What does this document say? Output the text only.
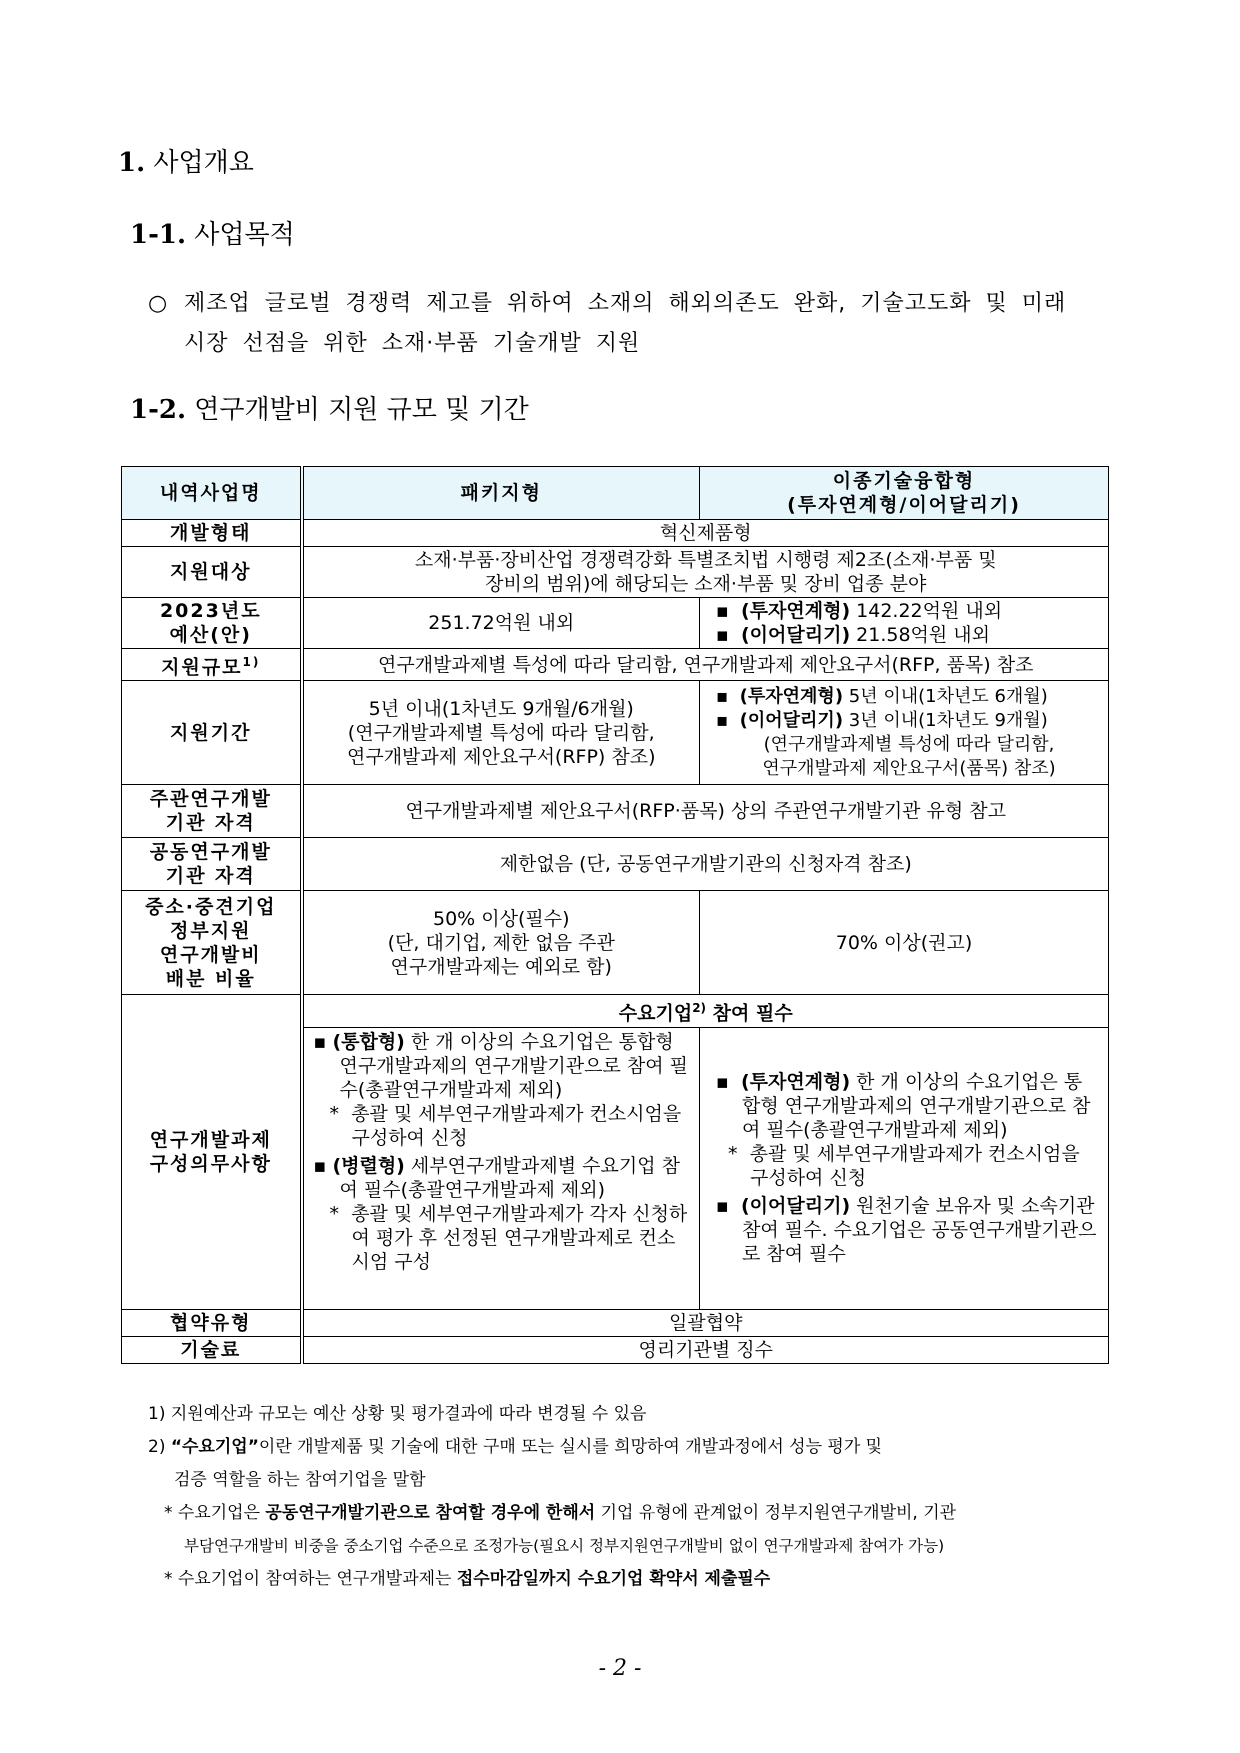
1. 사업개요
1-1. 사업목적
○ 제조업 글로벌 경쟁력 제고를 위하여 소재의 해외의존도 완화, 기술고도화 및 미래
시장 선점을 위한 소재·부품 기술개발 지원
1-2. 연구개발비 지원 규모 및 기간
내역사업명	패키지형	이종기술융합형
(투자연계형/이어달리기)

개발형태	혁신제품형	
지원대상	소재·부품·장비산업 경쟁력강화 특별조치법 시행령 제2조(소재·부품 및
장비의 범위)에 해당되는 소재·부품 및 장비 업종 분야	

2023년도
예산(안)	251.72억원 내외	▪ (투자연계형) 142.22억원 내외
▪ (이어달리기) 21.58억원 내외

지원규모$^{1)}$	연구개발과제별 특성에 따라 달리함, 연구개발과제 제안요구서(RFP, 품목) 참조	
지원기간	5년 이내(1차년도 9개월/6개월)
(연구개발과제별 특성에 따라 달리함,
연구개발과제 제안요구서(RFP) 참조)	▪ (투자연계형) 5년 이내(1차년도 6개월)
▪ (이어달리기) 3년 이내(1차년도 9개월)
(연구개발과제별 특성에 따라 달리함,
연구개발과제 제안요구서(품목) 참조)

주관연구개발
기관 자격	연구개발과제별 제안요구서(RFP·품목) 상의 주관연구개발기관 유형 참고	

공동연구개발
기관 자격	제한없음 (단, 공동연구개발기관의 신청자격 참조)	

중소·중견기업
정부지원
연구개발비
배분 비율	50% 이상(필수)
(단, 대기업, 제한 없음 주관
연구개발과제는 예외로 함)	70% 이상(권고)

연구개발과제
구성의무사항	수요기업$^{2)}$ 참여 필수	

	▪ (통합형) 한 개 이상의 수요기업은 통합형 연구개발과제의 연구개발기관으로 참여 필수(총괄연구개발과제 제외)
* 총괄 및 세부연구개발과제가 컨소시엄을 구성하여 신청
▪ (병렬형) 세부연구개발과제별 수요기업 참여 필수(총괄연구개발과제 제외)
* 총괄 및 세부연구개발과제가 각자 신청하여 평가 후 선정된 연구개발과제로 컨소시엄 구성	▪ (투자연계형) 한 개 이상의 수요기업은 통합형 연구개발과제의 연구개발기관으로 참여 필수(총괄연구개발과제 제외)
* 총괄 및 세부연구개발과제가 컨소시엄을 구성하여 신청
▪ (이어달리기) 원천기술 보유자 및 소속기관 참여 필수. 수요기업은 공동연구개발기관으로 참여 필수

협약유형	일괄협약	
기술료	영리기관별 징수	
1) 지원예산과 규모는 예산 상황 및 평가결과에 따라 변경될 수 있음
2) “수요기업”이란 개발제품 및 기술에 대한 구매 또는 실시를 희망하여 개발과정에서 성능 평가 및
검증 역할을 하는 참여기업을 말함
* 수요기업은 공동연구개발기관으로 참여할 경우에 한해서 기업 유형에 관계없이 정부지원연구개발비, 기관
부담연구개발비 비중을 중소기업 수준으로 조정가능(필요시 정부지원연구개발비 없이 연구개발과제 참여가 가능)
* 수요기업이 참여하는 연구개발과제는 접수마감일까지 수요기업 확약서 제출필수
- 2 -
